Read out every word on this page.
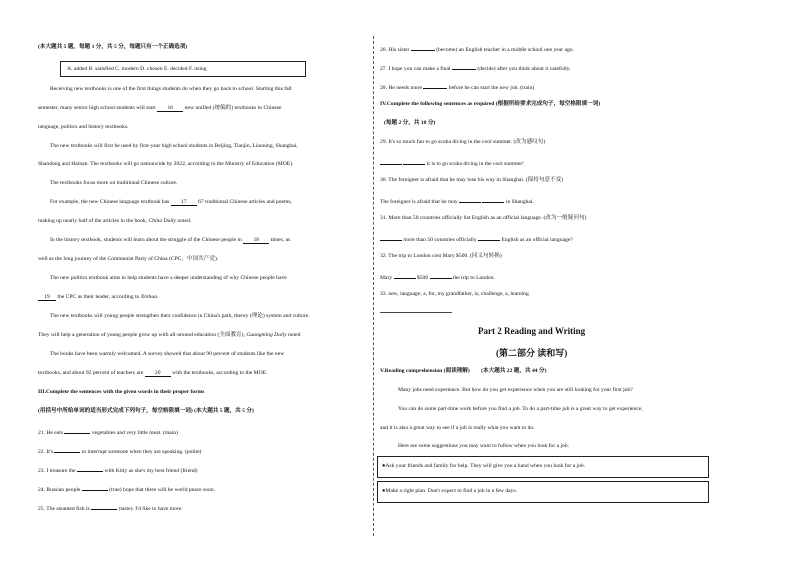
(本大题共 5 题，每题 1 分，共 5 分，每题只有一个正确选项)
A. added B. satisfied C. modern D. chosen E. decided F. using
Receiving new textbooks is one of the first things students do when they go back to school. Starting this fall
semester, many senior high school students will start 16 new unified (统编的) textbooks in Chinese
language, politics and history textbooks.
The new textbooks will first be used by first-year high school students in Beijing, Tianjin, Liaoning, Shanghai,
Shandong and Hainan. The textbooks will go nationwide by 2022, according to the Ministry of Education (MOE).
The textbooks focus more on traditional Chinese culture.
For example, the new Chinese language textbook has 17 67 traditional Chinese articles and poems,
making up nearly half of the articles in the book, China Daily noted.
In the history textbook, students will learn about the struggle of the Chinese people in 18 times, as
well as the long journey of the Communist Party of China (CPC，中国共产党).
The new politics textbook aims to help students have a deeper understanding of why Chinese people have
19 the CPC as their leader, according to Xinhua.
The new textbooks will young people strengthen their confidence in China's path, theory (理论) system and culture.
They will help a generation of young people grow up with all-around education (全面教育), Guangming Daily noted
The books have been warmly welcomed. A survey showed that about 90 percent of students like the new
textbooks, and about 92 percent of teachers are 20 with the textbooks, according to the MOE.
III.Complete the sentences with the given words in their proper forms
(用括号中所给单词的适当形式完成下列句子，每空格限填一词) (本大题共 5 题，共 5 分)
21. He eats	vegetables and very little meat. (main)
22. It's	to interrupt someone when they are speaking. (polite)
23. I treasure the	with Kitty as she's my best friend (friend)
24. Russian people	(true) hope that there will be world peace soon.
25. The steamed fish is	(taste). I'd like to have more.
26. His sister	(become) an English teacher in a middle school one year ago.
27. I hope you can make a final	(decide) after you think about it carefully.
28. He needs more	before he can start the new job. (train)
IV.Complete the following sentences as required (根据所给要求完成句子，每空格限填一词)
(每题 2 分，共 10 分)
29. It's so much fun to go scuba diving in the cool summer. (改为感叹句)
it is to go scuba diving in the cool summer!
30. The foreigner is afraid that he may lose his way in Shanghai. (保持句意不变)
The foreigner is afraid that he may	in Shanghai.
31. More than 50 countries officially list English as an official language. (改为一般疑问句)
more than 50 countries officially	English as an official language?
32. The trip to London cost Mary $500. (同义句转换)
Mary	$500	the trip to London.
33. new, language, a, for, my grandfather, is, challenge, a, learning
Part 2 Reading and Writing
(第二部分 读和写)
V.Reading comprehension (阅读理解) (本大题共 22 题，共 44 分)
Many jobs need experience. But how do you get experience when you are still looking for your first job?
You can do some part-time work before you find a job. To do a part-time job is a great way to get experience,
and it is also a great way to see if a job is really what you want to do.
Here are some suggestions you may want to follow when you look for a job.
●Ask your friends and family for help. They will give you a hand when you look for a job.
●Make a right plan. Don't expect to find a job in a few days.
